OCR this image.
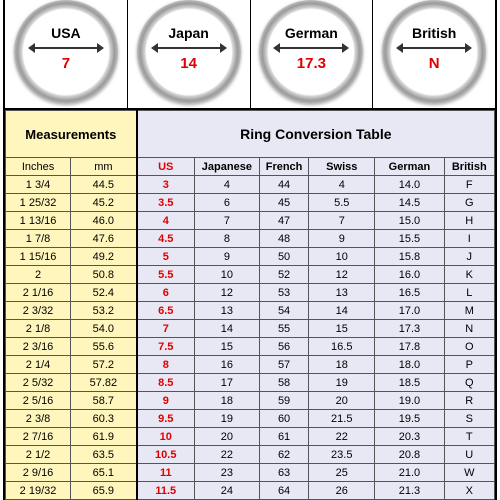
USA
7
Japan
14
German
17.3
British
N
Measurements		Ring Conversion Table					
Inches	mm	US	Japanese	French	Swiss	German	British
1 3/4	44.5	3	4	44	4	14.0	F
1 25/32	45.2	3.5	6	45	5.5	14.5	G
1 13/16	46.0	4	7	47	7	15.0	H
1 7/8	47.6	4.5	8	48	9	15.5	I
1 15/16	49.2	5	9	50	10	15.8	J
2	50.8	5.5	10	52	12	16.0	K
2 1/16	52.4	6	12	53	13	16.5	L
2 3/32	53.2	6.5	13	54	14	17.0	M
2 1/8	54.0	7	14	55	15	17.3	N
2 3/16	55.6	7.5	15	56	16.5	17.8	O
2 1/4	57.2	8	16	57	18	18.0	P
2 5/32	57.82	8.5	17	58	19	18.5	Q
2 5/16	58.7	9	18	59	20	19.0	R
2 3/8	60.3	9.5	19	60	21.5	19.5	S
2 7/16	61.9	10	20	61	22	20.3	T
2 1/2	63.5	10.5	22	62	23.5	20.8	U
2 9/16	65.1	11	23	63	25	21.0	W
2 19/32	65.9	11.5	24	64	26	21.3	X
